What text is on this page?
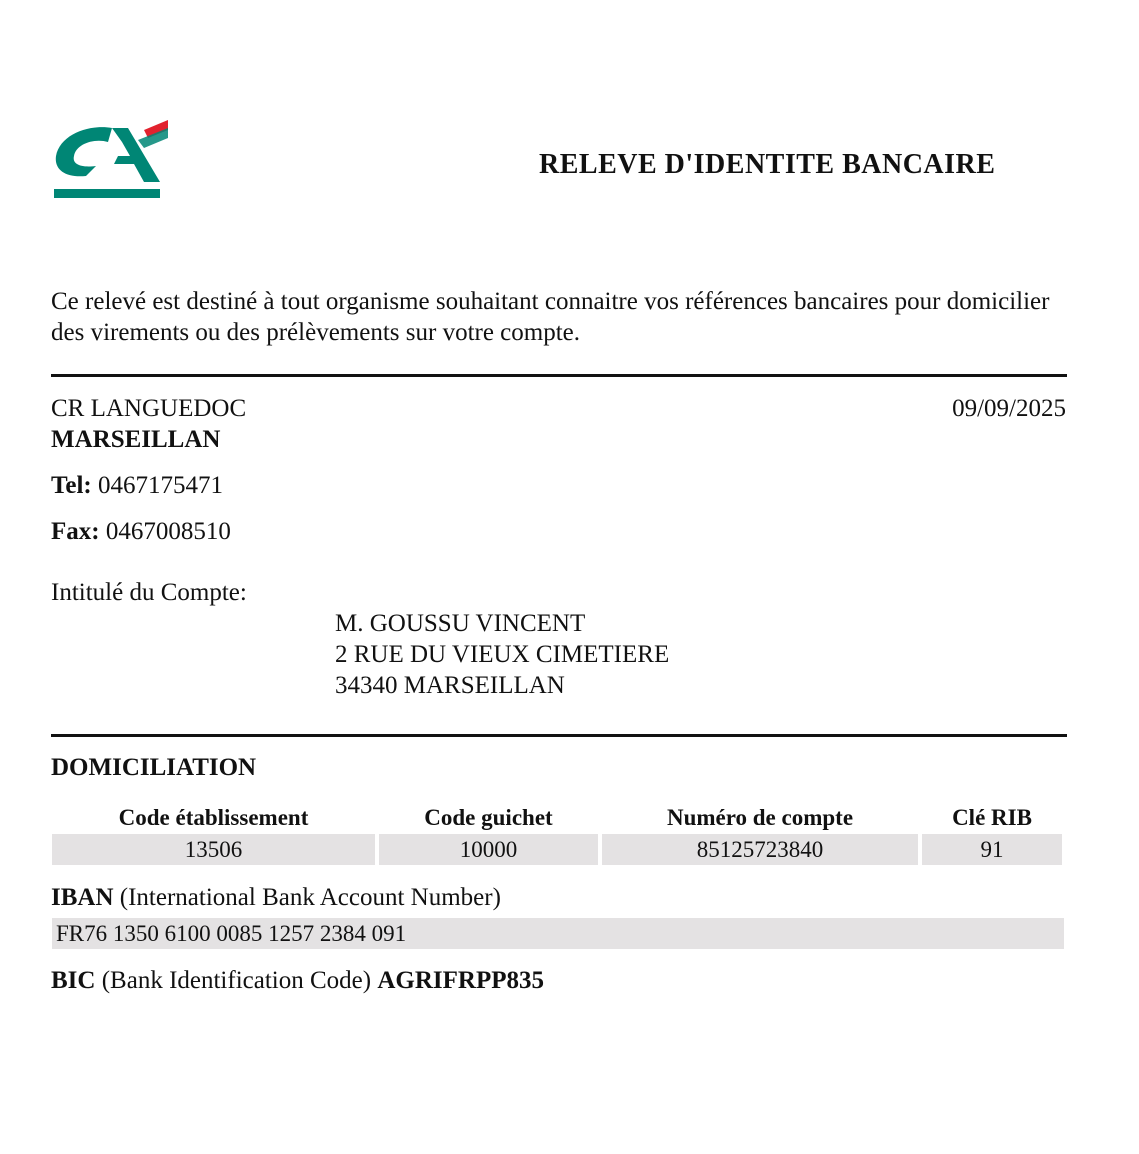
RELEVE D'IDENTITE BANCAIRE
Ce relevé est destiné à tout organisme souhaitant connaitre vos références bancaires pour domicilier des virements ou des prélèvements sur votre compte.
CR LANGUEDOC
MARSEILLAN
09/09/2025
Tel: 0467175471
Fax: 0467008510
Intitulé du Compte:
M. GOUSSU VINCENT
2 RUE DU VIEUX CIMETIERE
34340 MARSEILLAN
DOMICILIATION
Code établissement	Code guichet	Numéro de compte	Clé RIB
13506	10000	85125723840	91
IBAN (International Bank Account Number)
FR76 1350 6100 0085 1257 2384 091
BIC (Bank Identification Code) AGRIFRPP835
